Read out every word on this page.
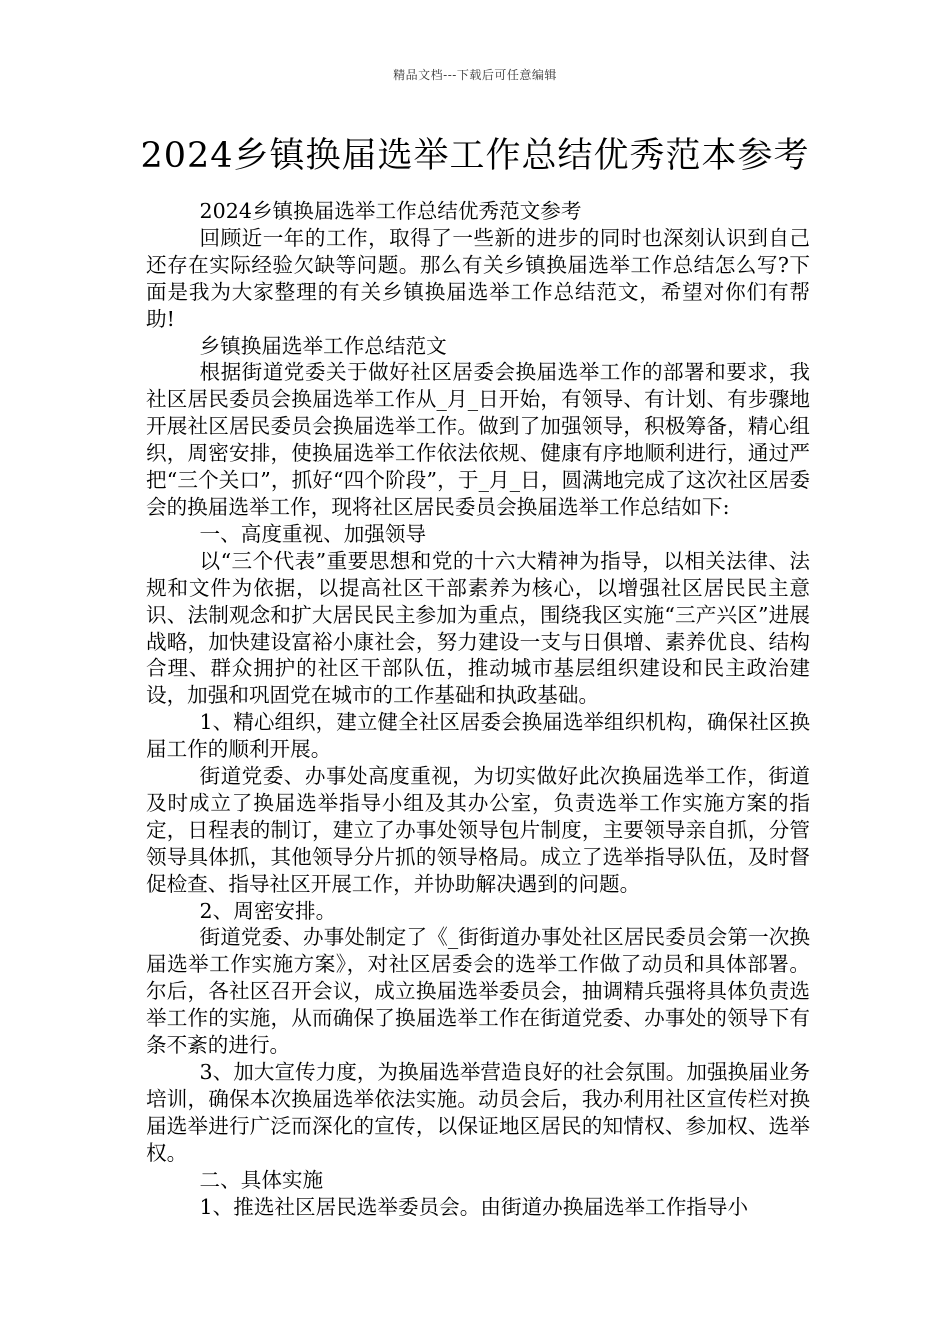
精品文档---下载后可任意编辑
2024乡镇换届选举工作总结优秀范本参考

2024乡镇换届选举工作总结优秀范文参考

回顾近一年的工作，取得了一些新的进步的同时也深刻认识到自己还存在实际经验欠缺等问题。那么有关乡镇换届选举工作总结怎么写?下面是我为大家整理的有关乡镇换届选举工作总结范文，希望对你们有帮助!

乡镇换届选举工作总结范文

根据街道党委关于做好社区居委会换届选举工作的部署和要求，我社区居民委员会换届选举工作从_月_日开始，有领导、有计划、有步骤地开展社区居民委员会换届选举工作。做到了加强领导，积极筹备，精心组织，周密安排，使换届选举工作依法依规、健康有序地顺利进行，通过严把“三个关口”，抓好“四个阶段”，于_月_日，圆满地完成了这次社区居委会的换届选举工作，现将社区居民委员会换届选举工作总结如下:

一、高度重视、加强领导

以“三个代表”重要思想和党的十六大精神为指导，以相关法律、法规和文件为依据，以提高社区干部素养为核心，以增强社区居民民主意识、法制观念和扩大居民民主参加为重点，围绕我区实施“三产兴区”进展战略，加快建设富裕小康社会，努力建设一支与日俱增、素养优良、结构合理、群众拥护的社区干部队伍，推动城市基层组织建设和民主政治建设，加强和巩固党在城市的工作基础和执政基础。

1、精心组织，建立健全社区居委会换届选举组织机构，确保社区换届工作的顺利开展。

街道党委、办事处高度重视，为切实做好此次换届选举工作，街道及时成立了换届选举指导小组及其办公室，负责选举工作实施方案的指定，日程表的制订，建立了办事处领导包片制度，主要领导亲自抓，分管领导具体抓，其他领导分片抓的领导格局。成立了选举指导队伍，及时督促检查、指导社区开展工作，并协助解决遇到的问题。

2、周密安排。

街道党委、办事处制定了《_街街道办事处社区居民委员会第一次换届选举工作实施方案》，对社区居委会的选举工作做了动员和具体部署。尔后，各社区召开会议，成立换届选举委员会，抽调精兵强将具体负责选举工作的实施，从而确保了换届选举工作在街道党委、办事处的领导下有条不紊的进行。

3、加大宣传力度，为换届选举营造良好的社会氛围。加强换届业务培训，确保本次换届选举依法实施。动员会后，我办利用社区宣传栏对换届选举进行广泛而深化的宣传，以保证地区居民的知情权、参加权、选举权。

二、具体实施

1、推选社区居民选举委员会。由街道办换届选举工作指导小
